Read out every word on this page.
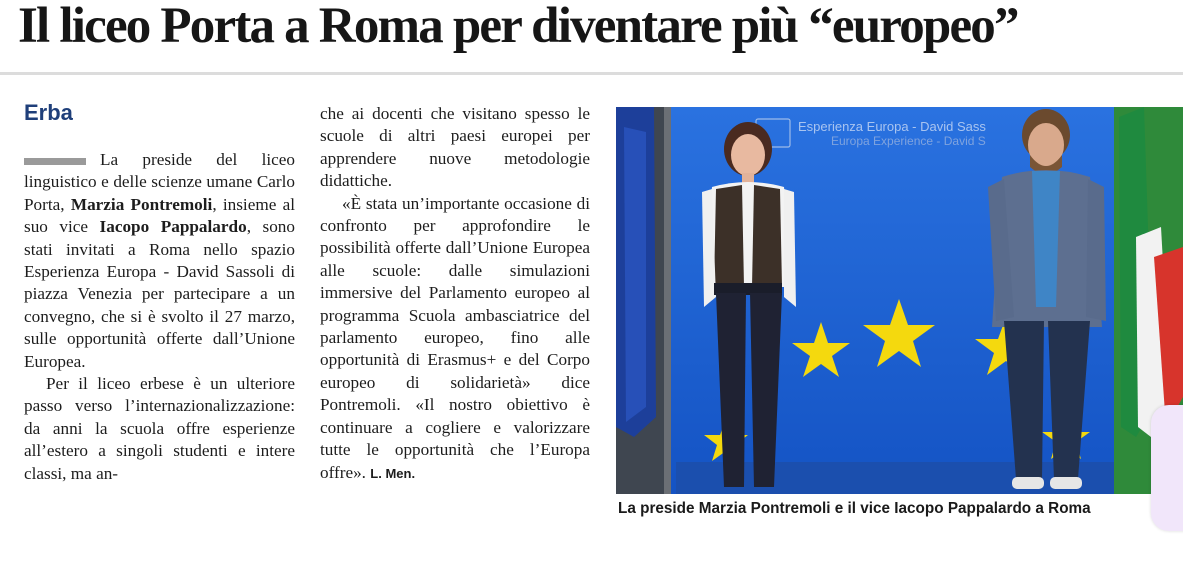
Il liceo Porta a Roma per diventare più “europeo”
Erba

La preside del liceo linguistico e delle scienze umane Carlo Porta, Marzia Pontremoli, insieme al suo vice Iacopo Pappalardo, sono stati invitati a Roma nello spazio Esperienza Europa - David Sassoli di piazza Venezia per partecipare a un convegno, che si è svolto il 27 marzo, sulle opportunità offerte dall’Unione Europea.

Per il liceo erbese è un ulteriore passo verso l’internazionalizzazione: da anni la scuola offre esperienze all’estero a singoli studenti e intere classi, ma an-

che ai docenti che visitano spesso le scuole di altri paesi europei per apprendere nuove metodologie didattiche.

«È stata un’importante occasione di confronto per approfondire le possibilità offerte dall’Unione Europea alle scuole: dalle simulazioni immersive del Parlamento europeo al programma Scuola ambasciatrice del parlamento europeo, fino alle opportunità di Erasmus+ e del Corpo europeo di solidarietà» dice Pontremoli. «Il nostro obiettivo è continuare a cogliere e valorizzare tutte le opportunità che l’Europa offre». L. Men.

Esperienza Europa - David Sass
Europa Experience - David S
La preside Marzia Pontremoli e il vice Iacopo Pappalardo a Roma
